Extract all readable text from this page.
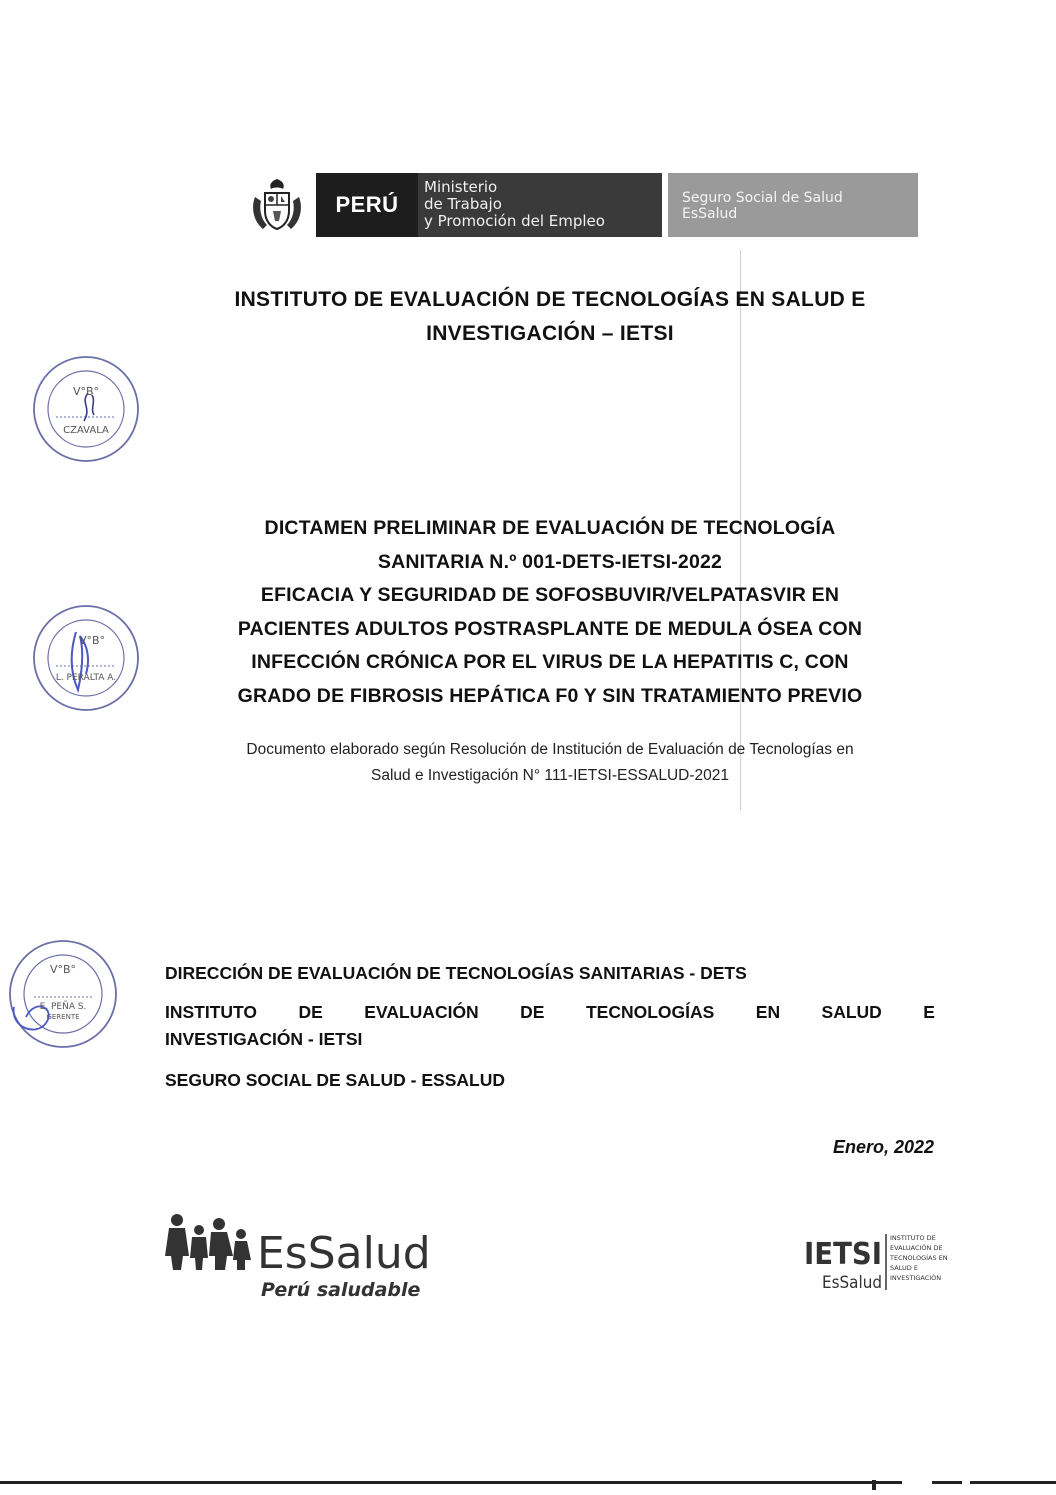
PERÚ
Ministerio
de Trabajo
y Promoción del Empleo
Seguro Social de Salud
EsSalud
INSTITUTO DE EVALUACIÓN DE TECNOLOGÍAS EN SALUD E
INVESTIGACIÓN – IETSI
V°B°
CZAVALA
DICTAMEN PRELIMINAR DE EVALUACIÓN DE TECNOLOGÍA
SANITARIA N.º 001-DETS-IETSI-2022
EFICACIA Y SEGURIDAD DE SOFOSBUVIR/VELPATASVIR EN
PACIENTES ADULTOS POSTRASPLANTE DE MEDULA ÓSEA CON
INFECCIÓN CRÓNICA POR EL VIRUS DE LA HEPATITIS C, CON
GRADO DE FIBROSIS HEPÁTICA F0 Y SIN TRATAMIENTO PREVIO
V°B°
L. PERALTA A.
Documento elaborado según Resolución de Institución de Evaluación de Tecnologías en
Salud e Investigación N° 111-IETSI-ESSALUD-2021
V°B°
E. PEÑA S.
GERENTE
DIRECCIÓN DE EVALUACIÓN DE TECNOLOGÍAS SANITARIAS - DETS
INSTITUTO DE EVALUACIÓN DE TECNOLOGÍAS EN SALUD E
INVESTIGACIÓN - IETSI
SEGURO SOCIAL DE SALUD - ESSALUD
Enero, 2022
EsSalud
Perú saludable
IETSI
EsSalud
INSTITUTO DE
EVALUACIÓN DE
TECNOLOGÍAS EN
SALUD E
INVESTIGACIÓN
